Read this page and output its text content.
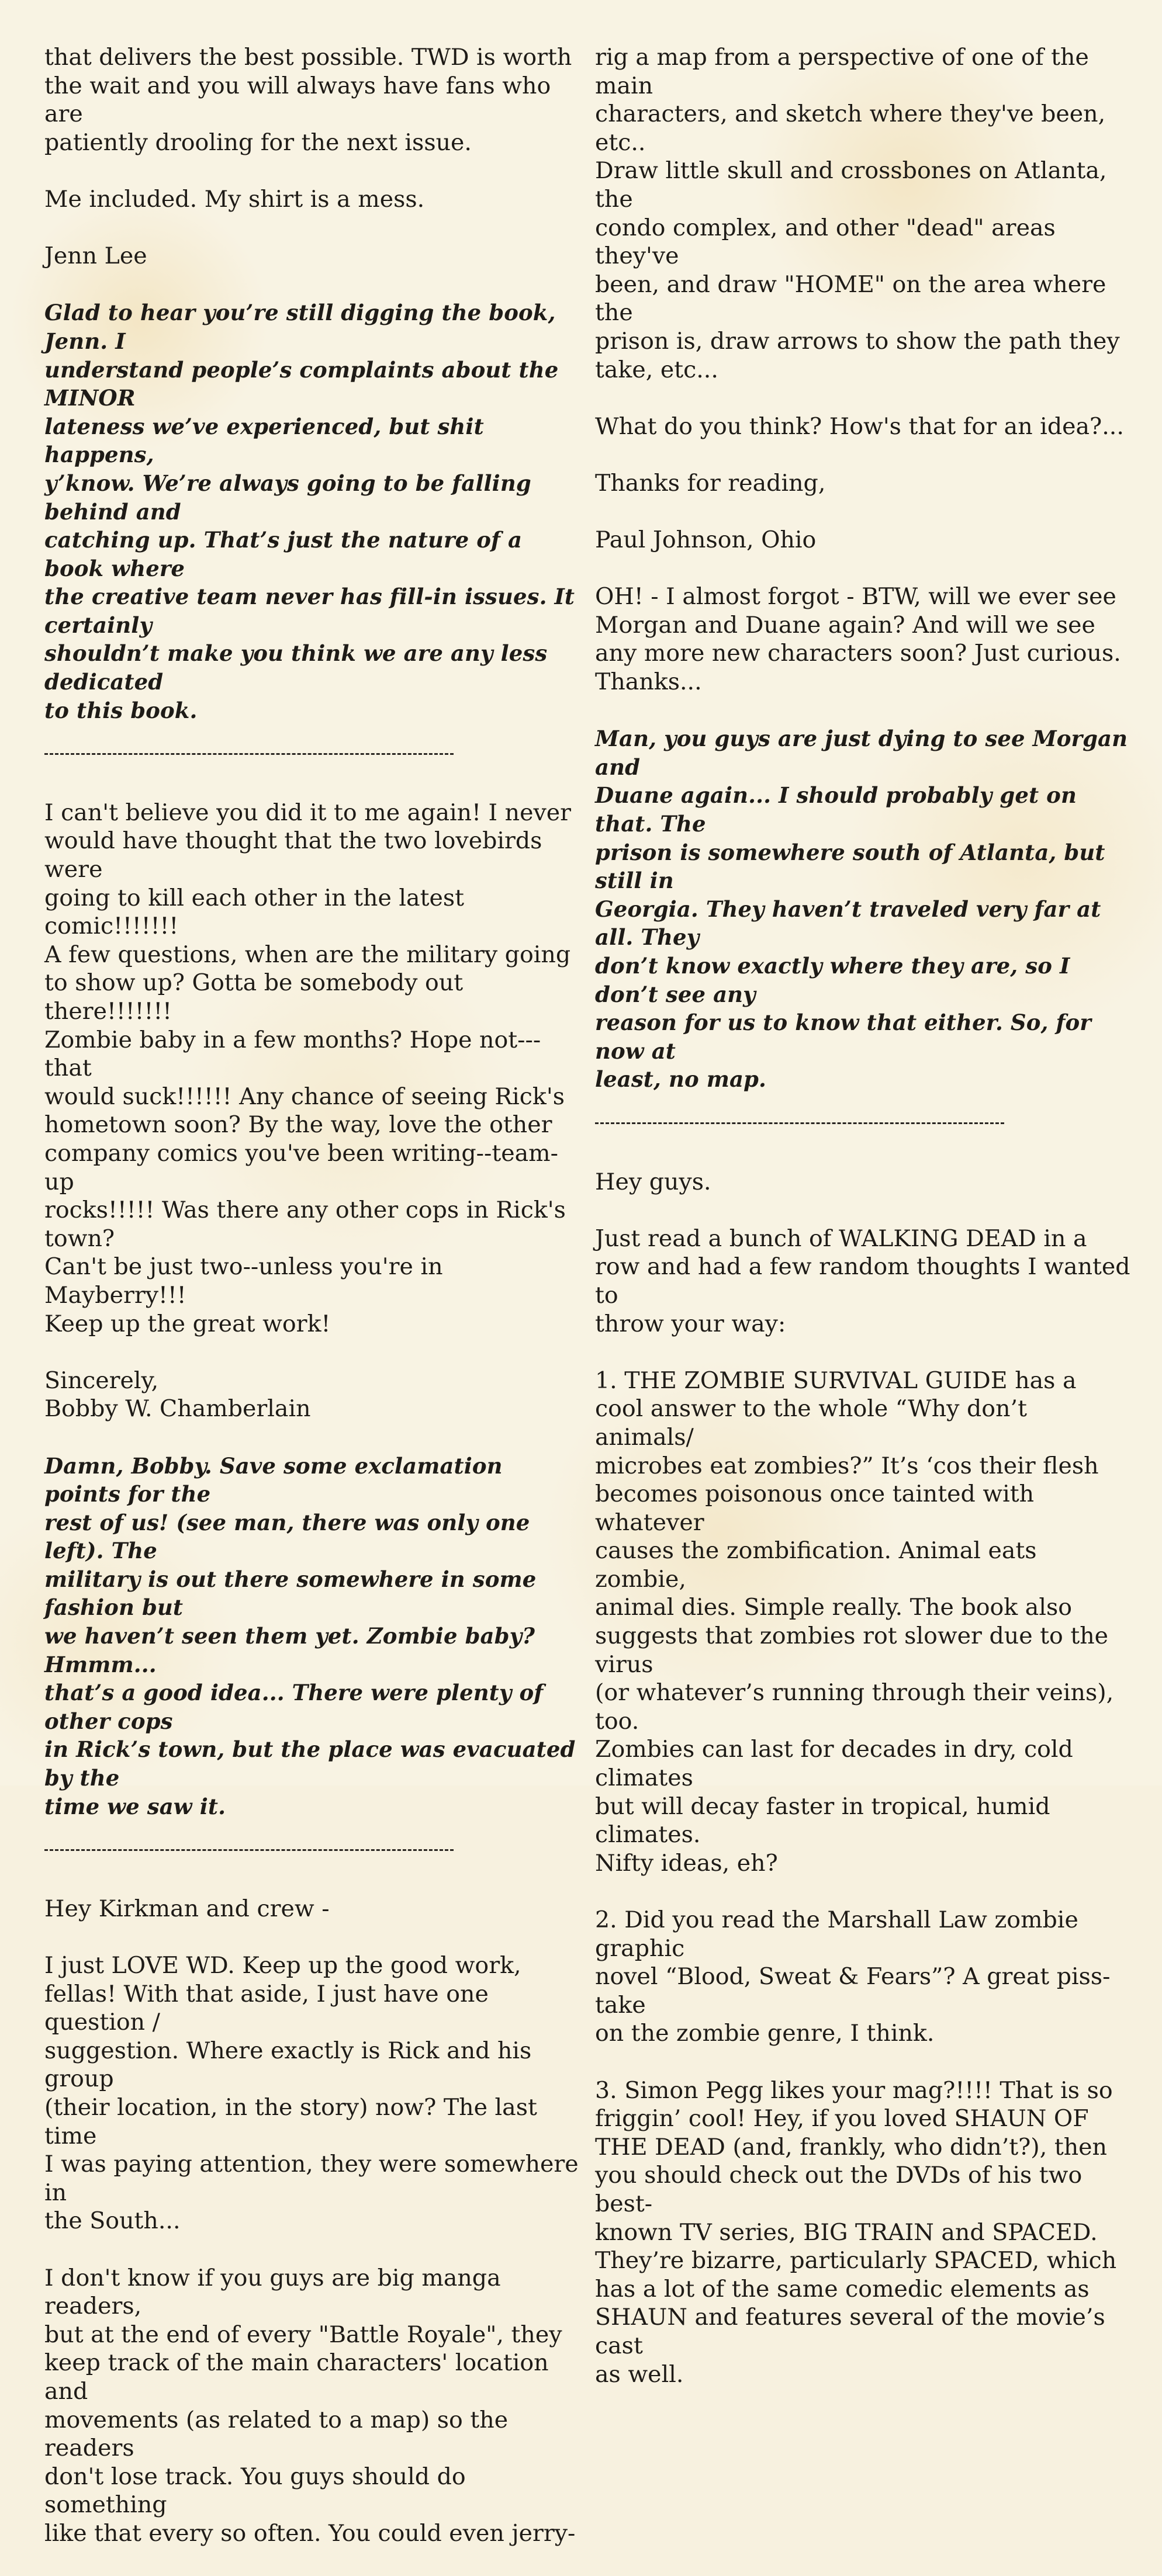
that delivers the best possible. TWD is worth
the wait and you will always have fans who are
patiently drooling for the next issue.

Me included. My shirt is a mess.

Jenn Lee

Glad to hear you’re still digging the book, Jenn. I
understand people’s complaints about the MINOR
lateness we’ve experienced, but shit happens,
y’know. We’re always going to be falling behind and
catching up. That’s just the nature of a book where
the creative team never has fill-in issues. It certainly
shouldn’t make you think we are any less dedicated
to this book.

I can't believe you did it to me again! I never
would have thought that the two lovebirds were
going to kill each other in the latest comic!!!!!!!
A few questions, when are the military going
to show up? Gotta be somebody out there!!!!!!!
Zombie baby in a few months? Hope not---that
would suck!!!!!! Any chance of seeing Rick's
hometown soon? By the way, love the other
company comics you've been writing--team-up
rocks!!!!! Was there any other cops in Rick's town?
Can't be just two--unless you're in Mayberry!!!
Keep up the great work!

Sincerely,
Bobby W. Chamberlain

Damn, Bobby. Save some exclamation points for the
rest of us! (see man, there was only one left). The
military is out there somewhere in some fashion but
we haven’t seen them yet. Zombie baby? Hmmm...
that’s a good idea... There were plenty of other cops
in Rick’s town, but the place was evacuated by the
time we saw it.

Hey Kirkman and crew -

I just LOVE WD. Keep up the good work,
fellas! With that aside, I just have one question /
suggestion. Where exactly is Rick and his group
(their location, in the story) now? The last time
I was paying attention, they were somewhere in
the South...

I don't know if you guys are big manga readers,
but at the end of every "Battle Royale", they
keep track of the main characters' location and
movements (as related to a map) so the readers
don't lose track. You guys should do something
like that every so often. You could even jerry-

rig a map from a perspective of one of the main
characters, and sketch where they've been, etc..
Draw little skull and crossbones on Atlanta, the
condo complex, and other "dead" areas they've
been, and draw "HOME" on the area where the
prison is, draw arrows to show the path they
take, etc...

What do you think? How's that for an idea?...

Thanks for reading,

Paul Johnson, Ohio

OH! - I almost forgot - BTW, will we ever see
Morgan and Duane again? And will we see
any more new characters soon? Just curious.
Thanks...

Man, you guys are just dying to see Morgan and
Duane again... I should probably get on that. The
prison is somewhere south of Atlanta, but still in
Georgia. They haven’t traveled very far at all. They
don’t know exactly where they are, so I don’t see any
reason for us to know that either. So, for now at
least, no map.

Hey guys.

Just read a bunch of WALKING DEAD in a
row and had a few random thoughts I wanted to
throw your way:

1. THE ZOMBIE SURVIVAL GUIDE has a
cool answer to the whole “Why don’t animals/
microbes eat zombies?” It’s ‘cos their flesh
becomes poisonous once tainted with whatever
causes the zombification. Animal eats zombie,
animal dies. Simple really. The book also
suggests that zombies rot slower due to the virus
(or whatever’s running through their veins), too.
Zombies can last for decades in dry, cold climates
but will decay faster in tropical, humid climates.
Nifty ideas, eh?

2. Did you read the Marshall Law zombie graphic
novel “Blood, Sweat & Fears”? A great piss-take
on the zombie genre, I think.

3. Simon Pegg likes your mag?!!!! That is so
friggin’ cool! Hey, if you loved SHAUN OF
THE DEAD (and, frankly, who didn’t?), then
you should check out the DVDs of his two best-
known TV series, BIG TRAIN and SPACED.
They’re bizarre, particularly SPACED, which
has a lot of the same comedic elements as
SHAUN and features several of the movie’s cast
as well.
